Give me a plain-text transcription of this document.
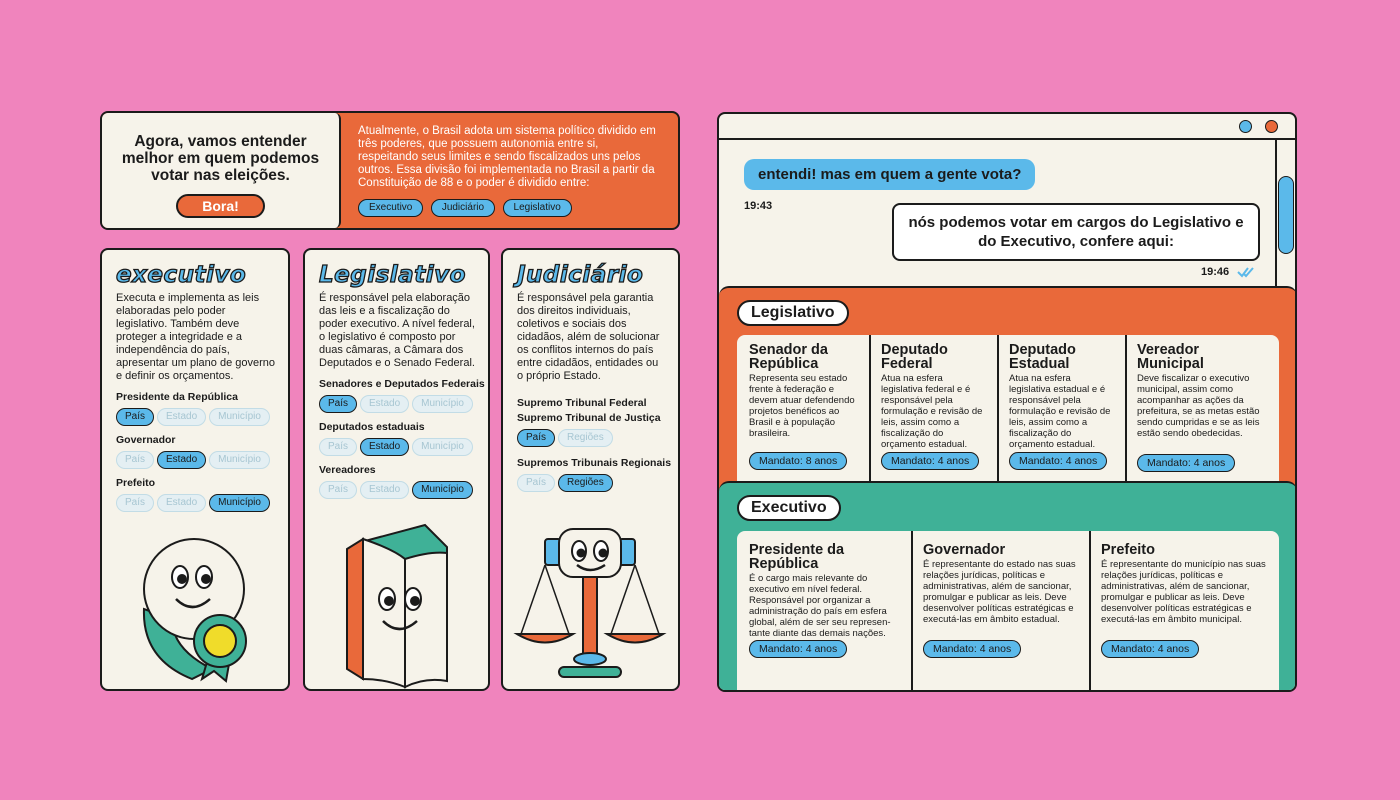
Agora, vamos entender melhor em quem podemos votar nas eleições.
Bora!
Atualmente, o Brasil adota um sistema político dividido em três poderes, que possuem autonomia entre si, respeitando seus limites e sendo fiscalizados uns pelos outros. Essa divisão foi implementada no Brasil a partir da Constituição de 88 e o poder é dividido entre:
Executivo	Judiciário	Legislativo
executivo
Executa e implementa as leis elaboradas pelo poder legislativo. Também deve proteger a integridade e a independência do país, apresentar um plano de governo e definir os orçamentos.
Presidente da República
País Estado Município
Governador
País Estado Município
Prefeito
País Estado Município
Legislativo
É responsável pela elaboração das leis e a fiscalização do poder executivo. A nível federal, o legislativo é composto por duas câmaras, a Câmara dos Deputados e o Senado Federal.
Senadores e Deputados Federais
País Estado Município
Deputados estaduais
País Estado Município
Vereadores
País Estado Município
Judiciário
É responsável pela garantia dos direitos individuais, coletivos e sociais dos cidadãos, além de solucionar os conflitos internos do país entre cidadãos, entidades ou o próprio Estado.
Supremo Tribunal Federal
Supremo Tribunal de Justiça
País Regiões
Supremos Tribunais Regionais
País Regiões
entendi! mas em quem a gente vota?
19:43
nós podemos votar em cargos do Legislativo e do Executivo, confere aqui:
19:46
Legislativo
Senador da República
Representa seu estado frente à federação e devem atuar defendendo projetos benéficos ao Brasil e à população brasileira.
Mandato: 8 anos
Deputado Federal
Atua na esfera legislativa federal e é responsável pela formulação e revisão de leis, assim como a fiscalização do orçamento estadual.
Mandato: 4 anos
Deputado Estadual
Atua na esfera legislativa estadual e é responsável pela formulação e revisão de leis, assim como a fiscalização do orçamento estadual.
Mandato: 4 anos
Vereador Municipal
Deve fiscalizar o executivo municipal, assim como acompanhar as ações da prefeitura, se as metas estão sendo cumpridas e se as leis estão sendo obedecidas.
Mandato: 4 anos
Executivo
Presidente da República
É o cargo mais relevante do executivo em nível federal. Responsável por organizar a administração do país em esfera global, além de ser seu represen-tante diante das demais nações.
Mandato: 4 anos
Governador
É representante do estado nas suas relações jurídicas, políticas e administrativas, além de sancionar, promulgar e publicar as leis. Deve desenvolver políticas estratégicas e executá-las em âmbito estadual.
Mandato: 4 anos
Prefeito
É representante do município nas suas relações jurídicas, políticas e administrativas, além de sancionar, promulgar e publicar as leis. Deve desenvolver políticas estratégicas e executá-las em âmbito municipal.
Mandato: 4 anos
